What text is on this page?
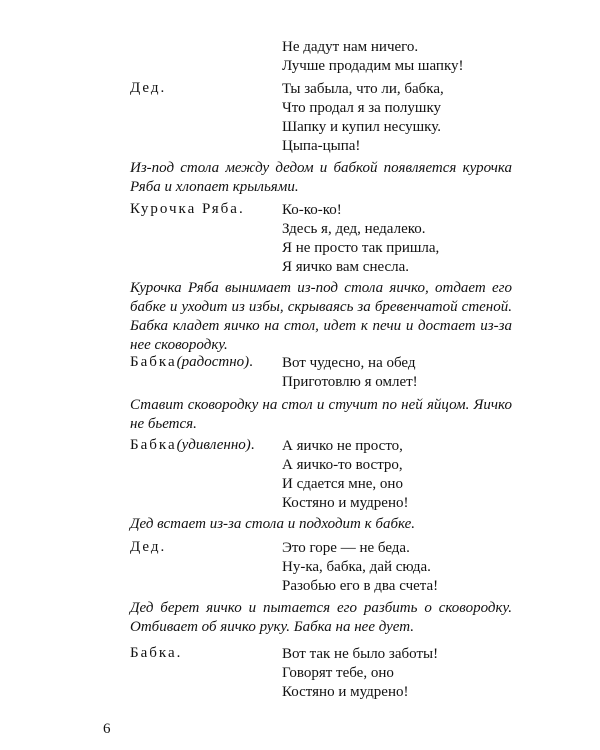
Не дадут нам ничего.
Лучше продадим мы шапку!
Дед.	Ты забыла, что ли, бабка,
Что продал я за полушку
Шапку и купил несушку.
Цыпа-цыпа!
Из-под стола между дедом и бабкой появляется курочка Ряба и хлопает крыльями.
Курочка Ряба. Ко-ко-ко!
Здесь я, дед, недалеко.
Я не просто так пришла,
Я яичко вам снесла.
Курочка Ряба вынимает из-под стола яичко, отдает его бабке и уходит из избы, скрываясь за бревенчатой стеной. Бабка кладет яичко на стол, идет к печи и достает из-за нее сковородку.
Бабка(радостно). Вот чудесно, на обед
Приготовлю я омлет!
Ставит сковородку на стол и стучит по ней яйцом. Яичко не бьется.
Бабка(удивленно). А яичко не просто,
А яичко-то востро,
И сдается мне, оно
Костяно и мудрено!
Дед встает из-за стола и подходит к бабке.
Дед.	Это горе — не беда.
Ну-ка, бабка, дай сюда.
Разобью его в два счета!
Дед берет яичко и пытается его разбить о сковородку. Отбивает об яичко руку. Бабка на нее дует.
Бабка.	Вот так не было заботы!
Говорят тебе, оно
Костяно и мудрено!
6
